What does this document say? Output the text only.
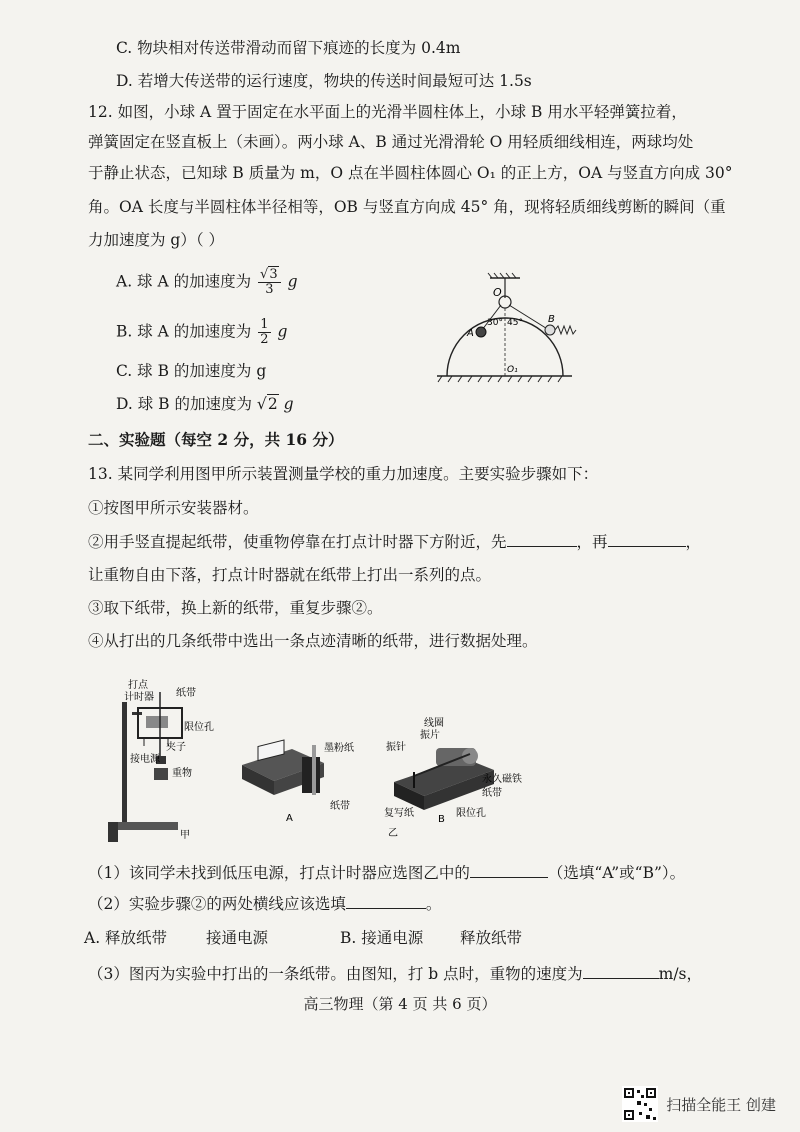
C. 物块相对传送带滑动而留下痕迹的长度为 0.4m
D. 若增大传送带的运行速度，物块的传送时间最短可达 1.5s
12. 如图，小球 A 置于固定在水平面上的光滑半圆柱体上，小球 B 用水平轻弹簧拉着，
弹簧固定在竖直板上（未画）。两小球 A、B 通过光滑滑轮 O 用轻质细线相连，两球均处
于静止状态，已知球 B 质量为 m，O 点在半圆柱体圆心 O₁ 的正上方，OA 与竖直方向成 30°
角。OA 长度与半圆柱体半径相等，OB 与竖直方向成 45° 角，现将轻质细线剪断的瞬间（重
力加速度为 g）（ ）
A. 球 A 的加速度为 $\frac{√3}{3}$ g
B. 球 A 的加速度为 $\frac{1}{2}$ g
C. 球 B 的加速度为 g
D. 球 B 的加速度为 √2 g
O
A
B
O₁
30° 45°
二、实验题（每空 2 分，共 16 分）
13. 某同学利用图甲所示装置测量学校的重力加速度。主要实验步骤如下：
①按图甲所示安装器材。
②用手竖直提起纸带，使重物停靠在打点计时器下方附近，先	，再	，
让重物自由下落，打点计时器就在纸带上打出一系列的点。
③取下纸带，换上新的纸带，重复步骤②。
④从打出的几条纸带中选出一条点迹清晰的纸带，进行数据处理。
打点
计时器 纸带
限位孔
夹子
接电源
重物
甲
墨粉纸
纸带
A
线圈
振片
振针
永久磁铁
纸带
复写纸	限位孔
B
乙
（1）该同学未找到低压电源，打点计时器应选图乙中的	（选填“A”或“B”）。
（2）实验步骤②的两处横线应该选填	。
A. 释放纸带	接通电源	B. 接通电源 释放纸带
（3）图丙为实验中打出的一条纸带。由图知，打 b 点时，重物的速度为	m/s，
高三物理（第 4 页 共 6 页）
扫描全能王 创建
